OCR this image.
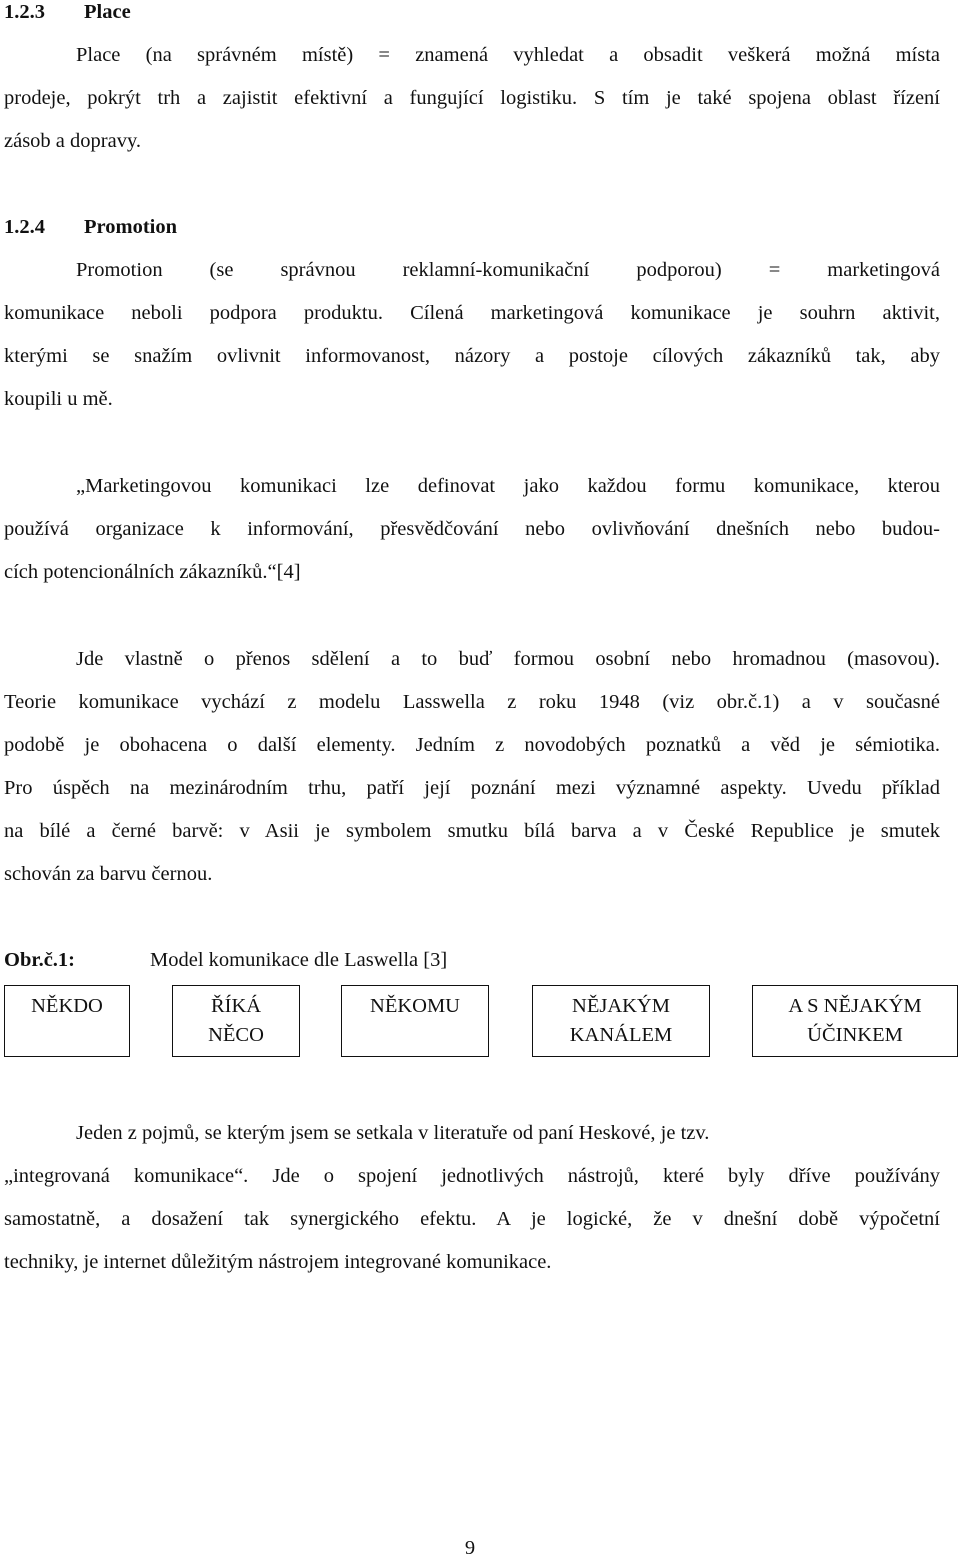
1.2.3 Place
Place (na správném místě) = znamená vyhledat a obsadit veškerá možná místa
prodeje, pokrýt trh a zajistit efektivní a fungující logistiku. S tím je také spojena oblast řízení
zásob a dopravy.
1.2.4 Promotion
Promotion (se správnou reklamní-komunikační podporou) = marketingová
komunikace neboli podpora produktu. Cílená marketingová komunikace je souhrn aktivit,
kterými se snažím ovlivnit informovanost, názory a postoje cílových zákazníků tak, aby
koupili u mě.
„Marketingovou komunikaci lze definovat jako každou formu komunikace, kterou
používá organizace k informování, přesvědčování nebo ovlivňování dnešních nebo budou-
cích potencionálních zákazníků.“[4]
Jde vlastně o přenos sdělení a to buď formou osobní nebo hromadnou (masovou).
Teorie komunikace vychází z modelu Lasswella z roku 1948 (viz obr.č.1) a v současné
podobě je obohacena o další elementy. Jedním z novodobých poznatků a věd je sémiotika.
Pro úspěch na mezinárodním trhu, patří její poznání mezi významné aspekty. Uvedu příklad
na bílé a černé barvě: v Asii je symbolem smutku bílá barva a v České Republice je smutek
schován za barvu černou.
Obr.č.1:	Model komunikace dle Laswella [3]
NĚKDO	ŘÍKÁ
NĚCO
NĚKOMU	NĚJAKÝM
KANÁLEM
A S NĚJAKÝM
ÚČINKEM
Jeden z pojmů, se kterým jsem se setkala v literatuře od paní Heskové, je tzv.
„integrovaná komunikace“. Jde o spojení jednotlivých nástrojů, které byly dříve používány
samostatně, a dosažení tak synergického efektu. A je logické, že v dnešní době výpočetní
techniky, je internet důležitým nástrojem integrované komunikace.
9
